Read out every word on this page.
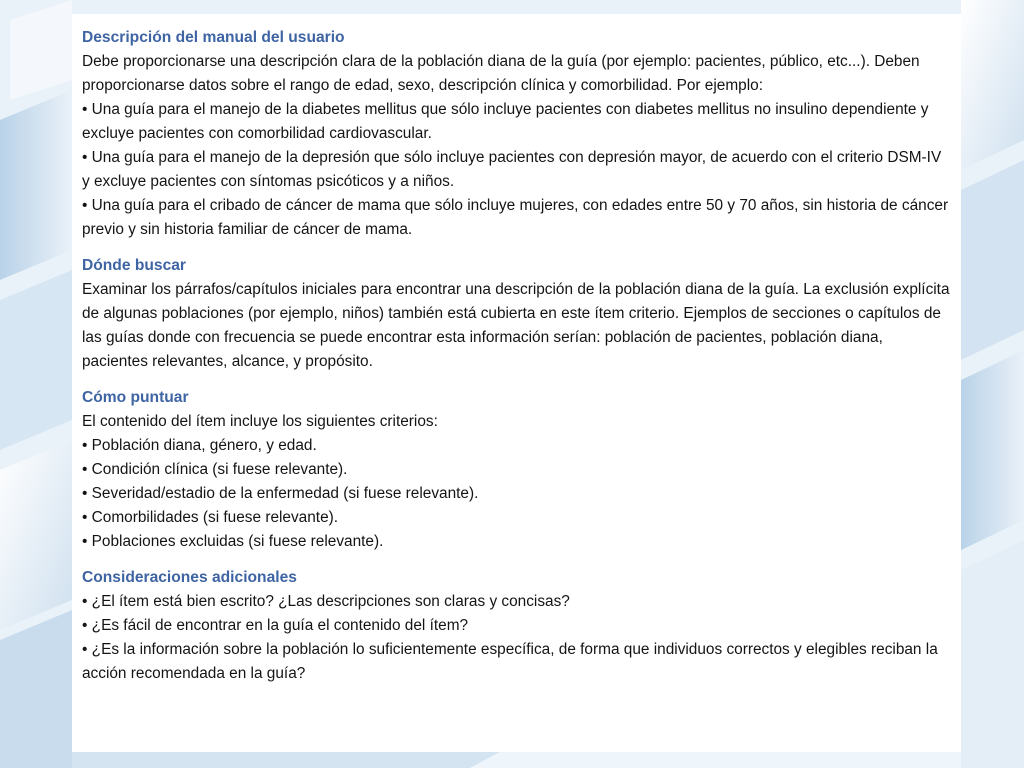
Descripción del manual del usuario

Debe proporcionarse una descripción clara de la población diana de la guía (por ejemplo: pacientes, público, etc...). Deben proporcionarse datos sobre el rango de edad, sexo, descripción clínica y comorbilidad. Por ejemplo:

• Una guía para el manejo de la diabetes mellitus que sólo incluye pacientes con diabetes mellitus no insulino dependiente y excluye pacientes con comorbilidad cardiovascular.
• Una guía para el manejo de la depresión que sólo incluye pacientes con depresión mayor, de acuerdo con el criterio DSM-IV y excluye pacientes con síntomas psicóticos y a niños.
• Una guía para el cribado de cáncer de mama que sólo incluye mujeres, con edades entre 50 y 70 años, sin historia de cáncer previo y sin historia familiar de cáncer de mama.
Dónde buscar

Examinar los párrafos/capítulos iniciales para encontrar una descripción de la población diana de la guía. La exclusión explícita de algunas poblaciones (por ejemplo, niños) también está cubierta en este ítem criterio. Ejemplos de secciones o capítulos de las guías donde con frecuencia se puede encontrar esta información serían: población de pacientes, población diana, pacientes relevantes, alcance, y propósito.

Cómo puntuar

El contenido del ítem incluye los siguientes criterios:

• Población diana, género, y edad.
• Condición clínica (si fuese relevante).
• Severidad/estadio de la enfermedad (si fuese relevante).
• Comorbilidades (si fuese relevante).
• Poblaciones excluidas (si fuese relevante).
Consideraciones adicionales
• ¿El ítem está bien escrito? ¿Las descripciones son claras y concisas?
• ¿Es fácil de encontrar en la guía el contenido del ítem?
• ¿Es la información sobre la población lo suficientemente específica, de forma que individuos correctos y elegibles reciban la acción recomendada en la guía?
